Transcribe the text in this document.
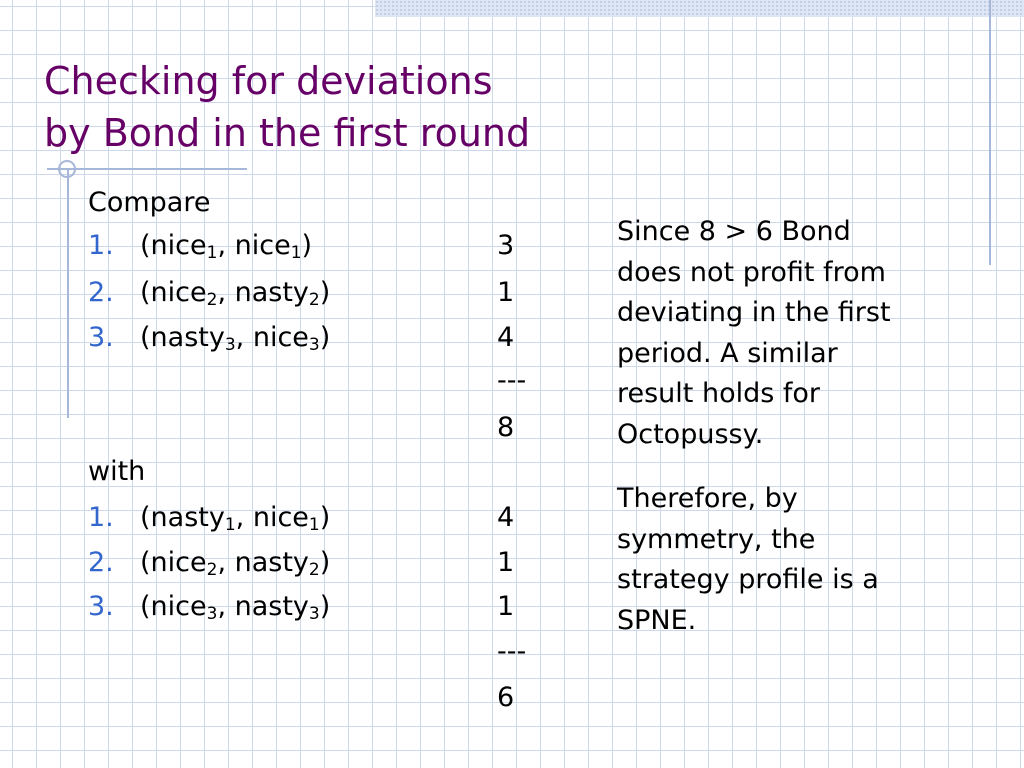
Checking for deviations
by Bond in the first round
Compare
1. (nice$_1$, nice$_1$)	3
2. (nice$_2$, nasty$_2$)	1
3. (nasty$_3$, nice$_3$)	4
---
8
with
1. (nasty$_1$, nice$_1$)	4
2. (nice$_2$, nasty$_2$)	1
3. (nice$_3$, nasty$_3$)	1
---
6

Since 8 > 6 Bond does not profit from deviating in the first period. A similar result holds for Octopussy.

Therefore, by symmetry, the strategy profile is a SPNE.
